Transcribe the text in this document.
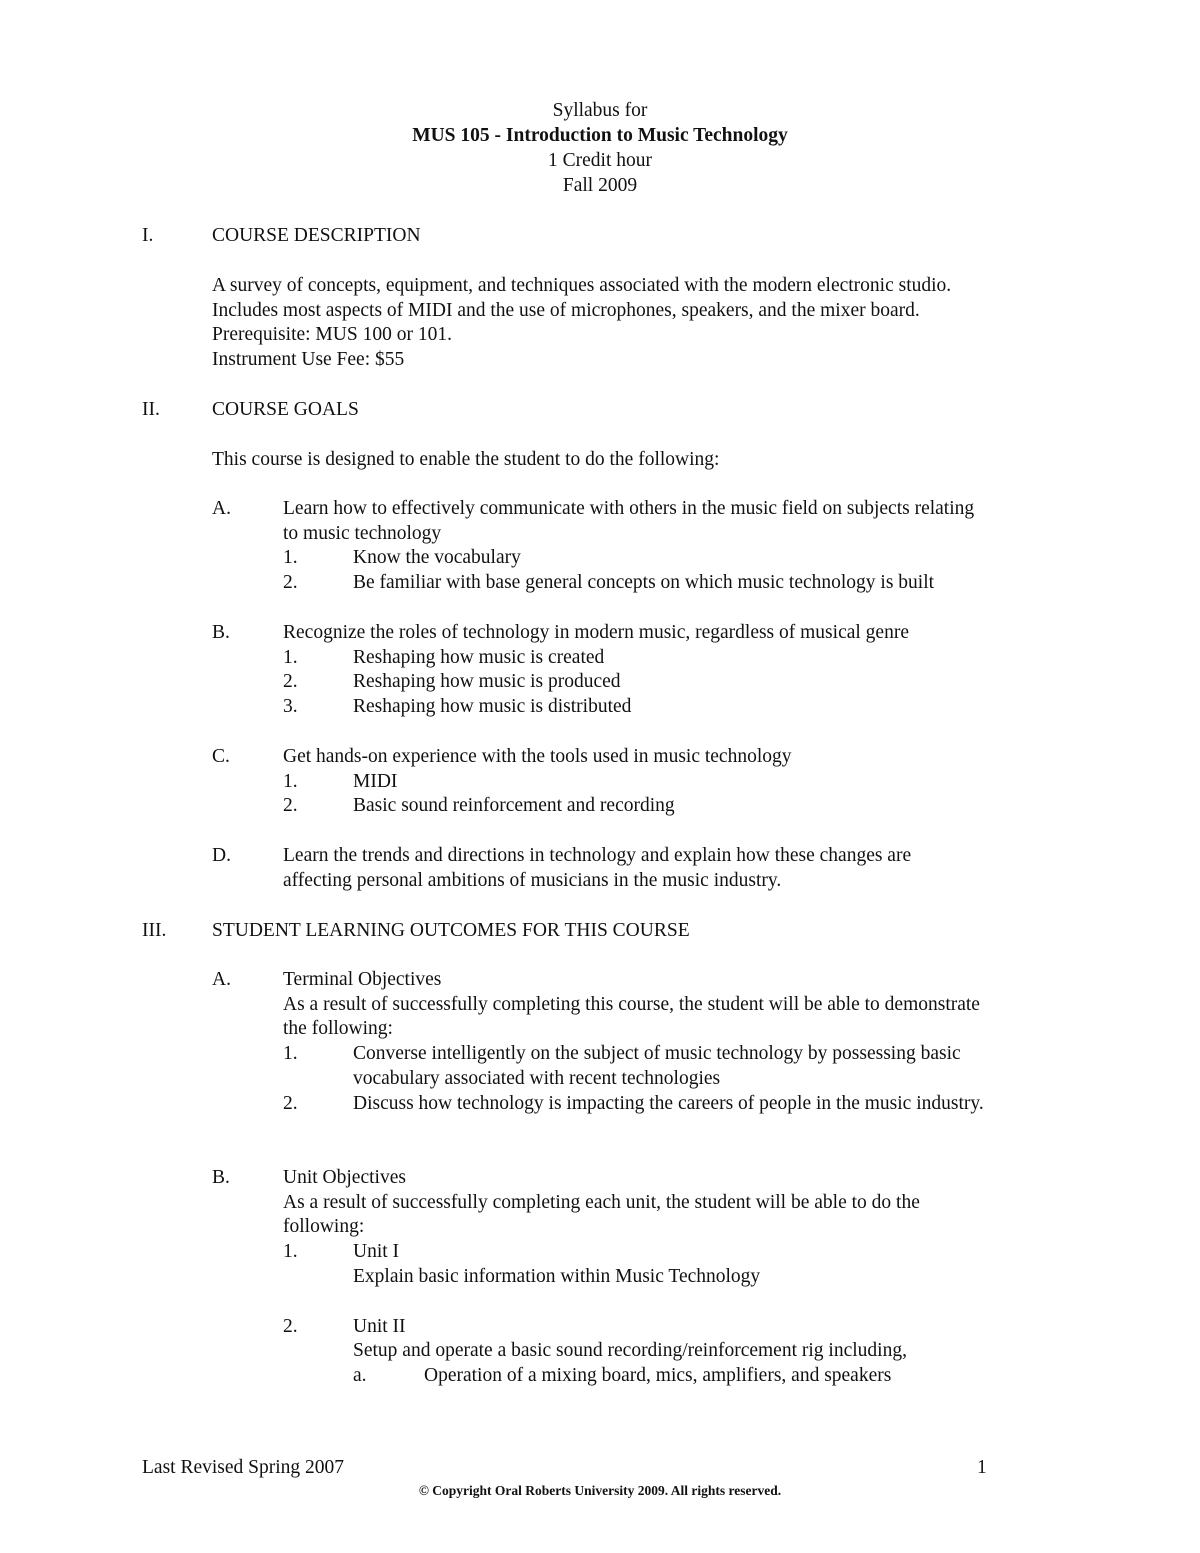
Syllabus for
MUS 105 - Introduction to Music Technology
1 Credit hour
Fall 2009
I.	COURSE DESCRIPTION
A survey of concepts, equipment, and techniques associated with the modern electronic studio.
Includes most aspects of MIDI and the use of microphones, speakers, and the mixer board.
Prerequisite: MUS 100 or 101.
Instrument Use Fee: $55
II.	COURSE GOALS
This course is designed to enable the student to do the following:
A.	Learn how to effectively communicate with others in the music field on subjects relating
to music technology
1.	Know the vocabulary
2.	Be familiar with base general concepts on which music technology is built
B.	Recognize the roles of technology in modern music, regardless of musical genre
1.	Reshaping how music is created
2.	Reshaping how music is produced
3.	Reshaping how music is distributed
C.	Get hands-on experience with the tools used in music technology
1.	MIDI
2.	Basic sound reinforcement and recording
D.	Learn the trends and directions in technology and explain how these changes are
affecting personal ambitions of musicians in the music industry.
III. STUDENT LEARNING OUTCOMES FOR THIS COURSE
A.	Terminal Objectives
As a result of successfully completing this course, the student will be able to demonstrate
the following:
1.	Converse intelligently on the subject of music technology by possessing basic
vocabulary associated with recent technologies
2.	Discuss how technology is impacting the careers of people in the music industry.
B.	Unit Objectives
As a result of successfully completing each unit, the student will be able to do the
following:
1.	Unit I
Explain basic information within Music Technology
2.	Unit II
Setup and operate a basic sound recording/reinforcement rig including,
a.	Operation of a mixing board, mics, amplifiers, and speakers
Last Revised Spring 2007	1
© Copyright Oral Roberts University 2009. All rights reserved.
